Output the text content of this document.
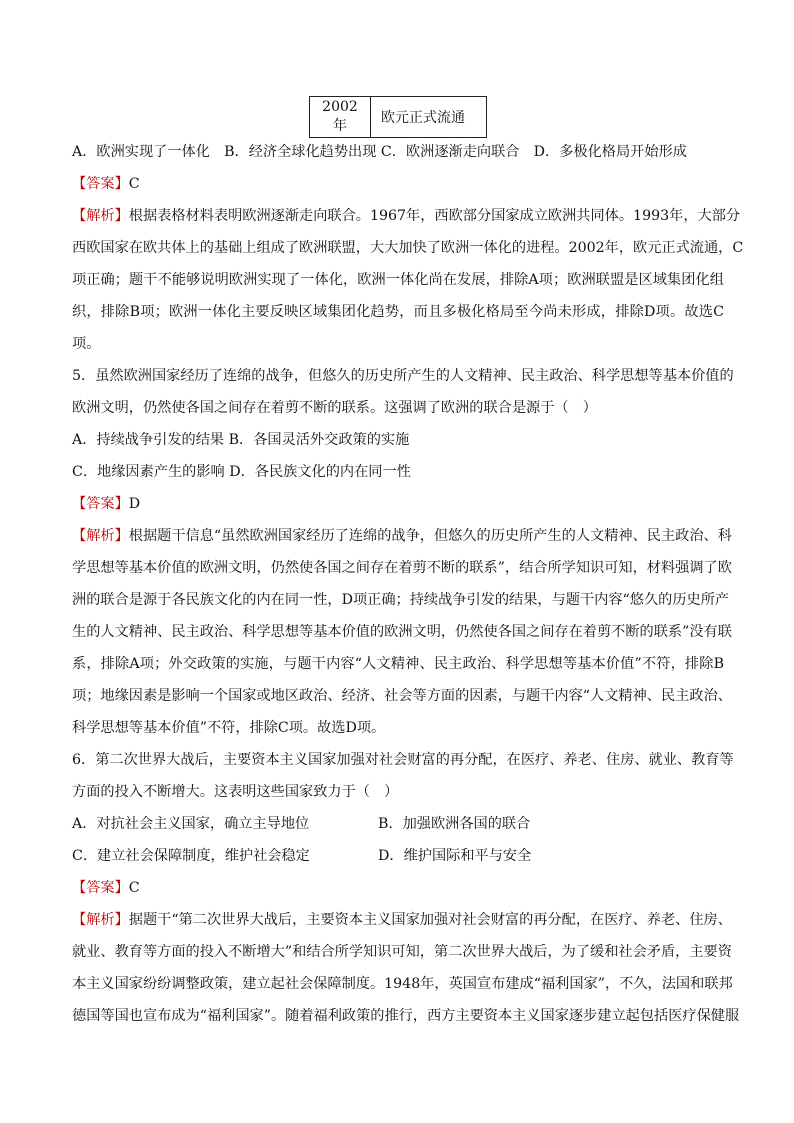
2002年	欧元正式流通
A．欧洲实现了一体化　B．经济全球化趋势出现 C．欧洲逐渐走向联合　D．多极化格局开始形成
【答案】C
【解析】根据表格材料表明欧洲逐渐走向联合。1967年，西欧部分国家成立欧洲共同体。1993年，大部分
西欧国家在欧共体上的基础上组成了欧洲联盟，大大加快了欧洲一体化的进程。2002年，欧元正式流通，C
项正确；题干不能够说明欧洲实现了一体化，欧洲一体化尚在发展，排除A项；欧洲联盟是区域集团化组
织，排除B项；欧洲一体化主要反映区域集团化趋势，而且多极化格局至今尚未形成，排除D项。故选C
项。
5．虽然欧洲国家经历了连绵的战争，但悠久的历史所产生的人文精神、民主政治、科学思想等基本价值的
欧洲文明，仍然使各国之间存在着剪不断的联系。这强调了欧洲的联合是源于（　）
A．持续战争引发的结果 B．各国灵活外交政策的实施
C．地缘因素产生的影响 D．各民族文化的内在同一性
【答案】D
【解析】根据题干信息“虽然欧洲国家经历了连绵的战争，但悠久的历史所产生的人文精神、民主政治、科
学思想等基本价值的欧洲文明，仍然使各国之间存在着剪不断的联系”，结合所学知识可知，材料强调了欧
洲的联合是源于各民族文化的内在同一性，D项正确；持续战争引发的结果，与题干内容“悠久的历史所产
生的人文精神、民主政治、科学思想等基本价值的欧洲文明，仍然使各国之间存在着剪不断的联系”没有联
系，排除A项；外交政策的实施，与题干内容“人文精神、民主政治、科学思想等基本价值”不符，排除B
项；地缘因素是影响一个国家或地区政治、经济、社会等方面的因素，与题干内容“人文精神、民主政治、
科学思想等基本价值”不符，排除C项。故选D项。
6．第二次世界大战后，主要资本主义国家加强对社会财富的再分配，在医疗、养老、住房、就业、教育等
方面的投入不断增大。这表明这些国家致力于（　）
A．对抗社会主义国家，确立主导地位	B．加强欧洲各国的联合
C．建立社会保障制度，维护社会稳定	D．维护国际和平与安全
【答案】C
【解析】据题干“第二次世界大战后，主要资本主义国家加强对社会财富的再分配，在医疗、养老、住房、
就业、教育等方面的投入不断增大”和结合所学知识可知，第二次世界大战后，为了缓和社会矛盾，主要资
本主义国家纷纷调整政策，建立起社会保障制度。1948年，英国宣布建成“福利国家”，不久，法国和联邦
德国等国也宣布成为“福利国家”。随着福利政策的推行，西方主要资本主义国家逐步建立起包括医疗保健服
